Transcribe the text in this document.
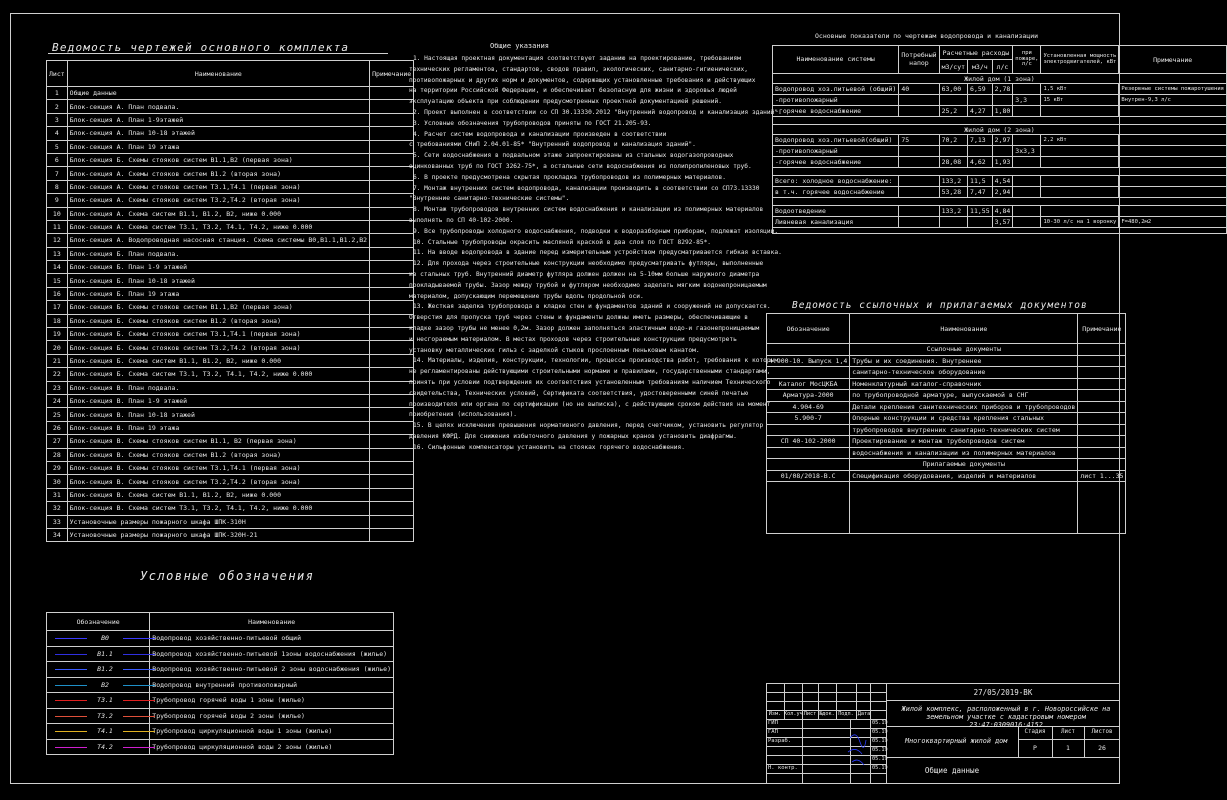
Ведомость чертежей основного комплекта
Лист	Наименование	Примечание
1	Общие данные	
2	Блок-секция А. План подвала.	
3	Блок-секция А. План 1-9этажей	
4	Блок-секция А. План 10-18 этажей	
5	Блок-секция А. План 19 этажа	
6	Блок-секция Б. Схемы стояков систем В1.1,В2 (первая зона)	
7	Блок-секция А. Схемы стояков систем В1.2 (вторая зона)	
8	Блок-секция А. Схемы стояков систем Т3.1,Т4.1 (первая зона)	
9	Блок-секция А. Схемы стояков систем Т3.2,Т4.2 (вторая зона)	
10	Блок-секция А. Схема систем В1.1, В1.2, В2, ниже 0.000	
11	Блок-секция А. Схема систем Т3.1, Т3.2, Т4.1, Т4.2, ниже 0.000	
12	Блок-секция А. Водопроводная насосная станция. Схема системы В0,В1.1,В1.2,В2	
13	Блок-секция Б. План подвала.	
14	Блок-секция Б. План 1-9 этажей	
15	Блок-секция Б. План 10-18 этажей	
16	Блок-секция Б. План 19 этажа	
17	Блок-секция Б. Схемы стояков систем В1.1,В2 (первая зона)	
18	Блок-секция Б. Схемы стояков систем В1.2 (вторая зона)	
19	Блок-секция Б. Схемы стояков систем Т3.1,Т4.1 (первая зона)	
20	Блок-секция Б. Схемы стояков систем Т3.2,Т4.2 (вторая зона)	
21	Блок-секция Б. Схема систем В1.1, В1.2, В2, ниже 0.000	
22	Блок-секция Б. Схема систем Т3.1, Т3.2, Т4.1, Т4.2, ниже 0.000	
23	Блок-секция В. План подвала.	
24	Блок-секция В. План 1-9 этажей	
25	Блок-секция В. План 10-18 этажей	
26	Блок-секция В. План 19 этажа	
27	Блок-секция В. Схемы стояков систем В1.1, В2 (первая зона)	
28	Блок-секция В. Схемы стояков систем В1.2 (вторая зона)	
29	Блок-секция В. Схемы стояков систем Т3.1,Т4.1 (первая зона)	
30	Блок-секция В. Схемы стояков систем Т3.2,Т4.2 (вторая зона)	
31	Блок-секция В. Схема систем В1.1, В1.2, В2, ниже 0.000	
32	Блок-секция В. Схема систем Т3.1, Т3.2, Т4.1, Т4.2, ниже 0.000	
33	Установочные размеры пожарного шкафа ШПК-310Н	
34	Установочные размеры пожарного шкафа ШПК-320Н-21	
Условные обозначения
Обозначение	Наименование

В0	Водопровод хозяйственно-питьевой общий

В1.1	Водопровод хозяйственно-питьевой 1зоны водоснабжения (жилье)

В1.2	Водопровод хозяйственно-питьевой 2 зоны водоснабжения (жилье)

В2	Водопровод внутренний противопожарный

Т3.1	Трубопровод горячей воды 1 зоны (жилье)

Т3.2	Трубопровод горячей воды 2 зоны (жилье)

Т4.1	Трубопровод циркуляционной воды 1 зоны (жилье)

Т4.2	Трубопровод циркуляционной воды 2 зоны (жилье)
Общие указания
1. Настоящая проектная документация соответствует заданию на проектирование, требованиям
технических регламентов, стандартов, сводов правил, экологических, санитарно-гигиенических,
противопожарных и других норм и документов, содержащих установленные требования и действующих
на территории Российской Федерации, и обеспечивает безопасную для жизни и здоровья людей
эксплуатацию объекта при соблюдении предусмотренных проектной документацией решений.
2. Проект выполнен в соответствии со СП 30.13330.2012 "Внутренний водопровод и канализация зданий".
3. Условные обозначения трубопроводов приняты по ГОСТ 21.205-93.
4. Расчет систем водопровода и канализации произведен в соответствии
с требованиями СНиП 2.04.01-85* "Внутренний водопровод и канализация зданий".
5. Сети водоснабжения в подвальном этаже запроектированы из стальных водогазопроводных
оцинкованных труб по ГОСТ 3262-75*, а остальные сети водоснабжения из полипропиленовых труб.
6. В проекте предусмотрена скрытая прокладка трубопроводов из полимерных материалов.
7. Монтаж внутренних систем водопровода, канализации производить в соответствии со СП73.13330
"Внутренние санитарно-технические системы".
8. Монтаж трубопроводов внутренних систем водоснабжения и канализации из полимерных материалов
выполнять по СП 40-102-2000.
9. Все трубопроводы холодного водоснабжения, подводки к водоразборным приборам, подлежат изоляции.
10. Стальные трубопроводы окрасить масляной краской в два слоя по ГОСТ 8292-85*.
11. На вводе водопровода в здание перед измерительным устройством предусматривается гибкая вставка.
12. Для прохода через строительные конструкции необходимо предусматривать футляры, выполненные
из стальных труб. Внутренний диаметр футляра должен должен на 5-10мм больше наружного диаметра
прокладываемой трубы. Зазор между трубой и футляром необходимо заделать мягким водонепроницаемым
материалом, допускающим перемещение трубы вдоль продольной оси.
13. Жесткая заделка трубопровода в кладке стен и фундаментов зданий и сооружений не допускается.
Отверстия для пропуска труб через стены и фундаменты должны иметь размеры, обеспечивающие в
кладке зазор трубы не менее 0,2м. Зазор должен заполняться эластичным водо-и газонепроницаемым
и несгораемым материалом. В местах проходов через строительные конструкции предусмотреть
установку металлических гильз с заделкой стыков прослоенным пеньковым канатом.
14. Материалы, изделия, конструкции, технологии, процессы производства работ, требования к которым
не регламентированы действующими строительными нормами и правилами, государственными стандартами,
принять при условии подтверждения их соответствия установленным требованиям наличием Технического
свидетельства, Технических условий, Сертификата соответствия, удостоверенными синей печатью
производителя или органа по сертификации (но не выписка), с действующим сроком действия на момент
приобретения (использования).
15. В целях исключения превышения нормативного давления, перед счетчиком, установить регулятор
давления КФРД. Для снижения избыточного давления у пожарных кранов установить диафрагмы.
16. Сильфонные компенсаторы установить на стояках горячего водоснабжения.
Основные показатели по чертежам водопровода и канализации
Наименование системы	Потребный напор	Расчетные расходы			при пожаре, л/с	Установленная мощность электродвигателей, кВт	Примечание
		м3/сут	м3/ч	л/с			
Жилой дом (1 зона)							
Водопровод хоз.питьевой (общий)	40	63,00	6,59	2,78		1,5 кВт	Резервные системы пожаротушения
-противопожарный					3,3	15 кВт	Внутрен-9,3 л/с
-горячее водоснабжение		25,2	4,27	1,80			

Жилой дом (2 зона)							
Водопровод хоз.питьевой(общий)	75	70,2	7,13	2,97		2,2 кВт	
-противопожарный					3х3,3		
-горячее водоснабжение		28,08	4,62	1,93			

Всего: холодное водоснабжение:		133,2	11,5	4,54			
в т.ч. горячее водоснабжение		53,28	7,47	2,94			

Водоотведение		133,2	11,55	4,84			
Ливневая канализация				3,57		10-30 л/с на 1 воронку	F=480,2м2

Ведомость ссылочных и прилагаемых документов
Обозначение	Наименование	Примечание
	Ссылочные документы	
4.900-10. Выпуск 1,4	Трубы и их соединения. Внутреннее	
	санитарно-техническое оборудование	
Каталог МосЦКБА	Номенклатурный каталог-справочник	
Арматура-2000	по трубопроводной арматуре, выпускаемой в СНГ	
4.904-69	Детали крепления санитехнических приборов и трубопроводов	
5.900-7	Опорные конструкции и средства крепления стальных	
	трубопроводов внутренних санитарно-технических систем	
СП 40-102-2000	Проектирование и монтаж трубопроводов систем	
	водоснабжения и канализации из полимерных материалов	
	Прилагаемые документы	
01/08/2018-В.С	Спецификация оборудования, изделий и материалов	лист 1...35

27/05/2019-ВК
Жилой комплекс, расположенный в г. Новороссийске на земельном участке с кадастровым номером 23:47:0309016:4152
Многоквартирный жилой дом
Общие данные
Стадия	Лист	Листов
Р	1	26
Изм. Кол.уч Лист №док. Подп. Дата
ГИП
ГАП
Разраб.
Н. контр.
05.19
05.19
05.19
05.19
05.19
05.19
